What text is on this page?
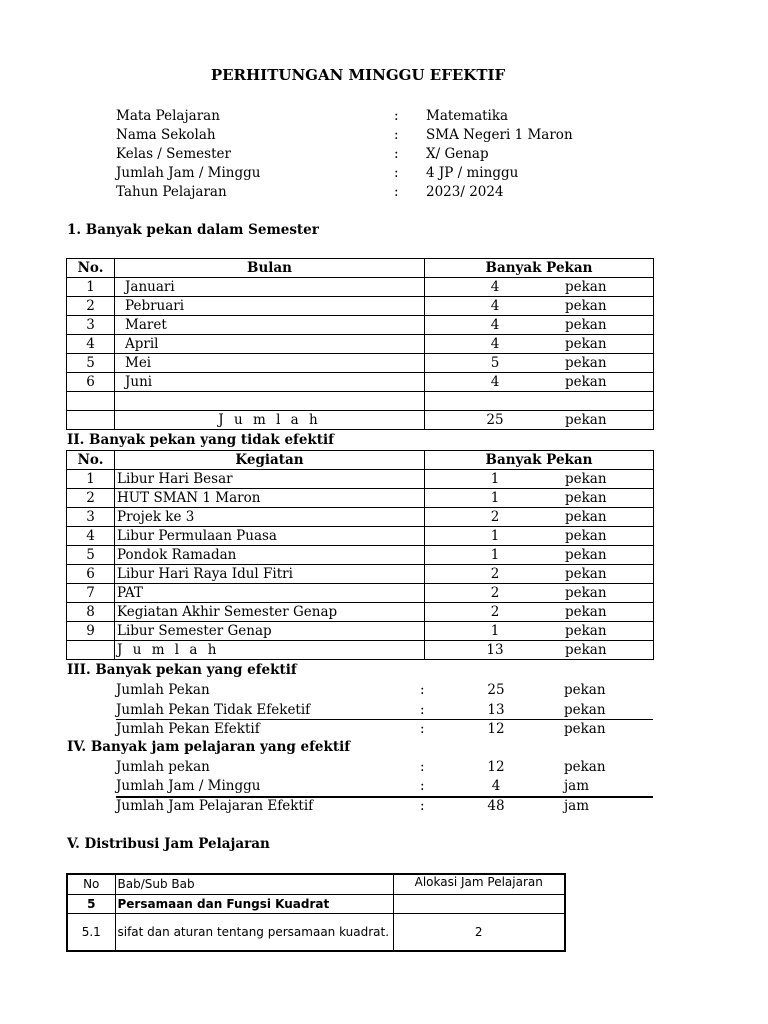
PERHITUNGAN MINGGU EFEKTIF
Mata Pelajaran	: Matematika
Nama Sekolah	: SMA Negeri 1 Maron
Kelas / Semester	: X/ Genap
Jumlah Jam / Minggu	: 4 JP / minggu
Tahun Pelajaran	: 2023/ 2024
1. Banyak pekan dalam Semester
No.	Bulan	Banyak Pekan
1	Januari	4 pekan

2	Pebruari	4 pekan

3	Maret	4 pekan

4	April	4 pekan

5	Mei	5 pekan

6	Juni	4 pekan

	J u m l a h	25 pekan
II. Banyak pekan yang tidak efektif
No.	Kegiatan	Banyak Pekan
1	Libur Hari Besar	1 pekan

2	HUT SMAN 1 Maron	1 pekan

3	Projek ke 3	2 pekan

4	Libur Permulaan Puasa	1 pekan

5	Pondok Ramadan	1 pekan

6	Libur Hari Raya Idul Fitri	2 pekan

7	PAT	2 pekan

8	Kegiatan Akhir Semester Genap	2 pekan

9	Libur Semester Genap	1 pekan

	J u m l a h	13 pekan
III. Banyak pekan yang efektif
Jumlah Pekan	:	25	pekan
Jumlah Pekan Tidak Efeketif	:	13	pekan
Jumlah Pekan Efektif	:	12	pekan
IV. Banyak jam pelajaran yang efektif
Jumlah pekan	:	12	pekan
Jumlah Jam / Minggu	:	4	jam
Jumlah Jam Pelajaran Efektif	:	48	jam
V. Distribusi Jam Pelajaran
No	Bab/Sub Bab	Alokasi Jam Pelajaran
5	Persamaan dan Fungsi Kuadrat	
5.1	sifat dan aturan tentang persamaan kuadrat.	2
